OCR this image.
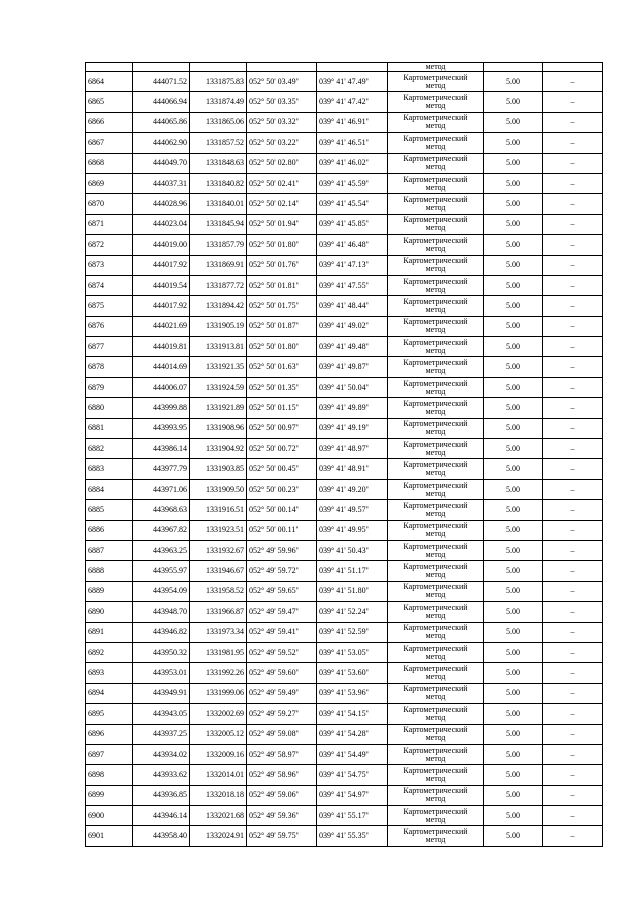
					метод		
6864	444071.52	1331875.83	052° 50' 03.49"	039° 41' 47.49"	Картометрический
метод	5.00	–
6865	444066.94	1331874.49	052° 50' 03.35"	039° 41' 47.42"	Картометрический
метод	5.00	–
6866	444065.86	1331865.06	052° 50' 03.32"	039° 41' 46.91"	Картометрический
метод	5.00	–
6867	444062.90	1331857.52	052° 50' 03.22"	039° 41' 46.51"	Картометрический
метод	5.00	–
6868	444049.70	1331848.63	052° 50' 02.80"	039° 41' 46.02"	Картометрический
метод	5.00	–
6869	444037.31	1331840.82	052° 50' 02.41"	039° 41' 45.59"	Картометрический
метод	5.00	–
6870	444028.96	1331840.01	052° 50' 02.14"	039° 41' 45.54"	Картометрический
метод	5.00	–
6871	444023.04	1331845.94	052° 50' 01.94"	039° 41' 45.85"	Картометрический
метод	5.00	–
6872	444019.00	1331857.79	052° 50' 01.80"	039° 41' 46.48"	Картометрический
метод	5.00	–
6873	444017.92	1331869.91	052° 50' 01.76"	039° 41' 47.13"	Картометрический
метод	5.00	–
6874	444019.54	1331877.72	052° 50' 01.81"	039° 41' 47.55"	Картометрический
метод	5.00	–
6875	444017.92	1331894.42	052° 50' 01.75"	039° 41' 48.44"	Картометрический
метод	5.00	–
6876	444021.69	1331905.19	052° 50' 01.87"	039° 41' 49.02"	Картометрический
метод	5.00	–
6877	444019.81	1331913.81	052° 50' 01.80"	039° 41' 49.48"	Картометрический
метод	5.00	–
6878	444014.69	1331921.35	052° 50' 01.63"	039° 41' 49.87"	Картометрический
метод	5.00	–
6879	444006.07	1331924.59	052° 50' 01.35"	039° 41' 50.04"	Картометрический
метод	5.00	–
6880	443999.88	1331921.89	052° 50' 01.15"	039° 41' 49.89"	Картометрический
метод	5.00	–
6881	443993.95	1331908.96	052° 50' 00.97"	039° 41' 49.19"	Картометрический
метод	5.00	–
6882	443986.14	1331904.92	052° 50' 00.72"	039° 41' 48.97"	Картометрический
метод	5.00	–
6883	443977.79	1331903.85	052° 50' 00.45"	039° 41' 48.91"	Картометрический
метод	5.00	–
6884	443971.06	1331909.50	052° 50' 00.23"	039° 41' 49.20"	Картометрический
метод	5.00	–
6885	443968.63	1331916.51	052° 50' 00.14"	039° 41' 49.57"	Картометрический
метод	5.00	–
6886	443967.82	1331923.51	052° 50' 00.11"	039° 41' 49.95"	Картометрический
метод	5.00	–
6887	443963.25	1331932.67	052° 49' 59.96"	039° 41' 50.43"	Картометрический
метод	5.00	–
6888	443955.97	1331946.67	052° 49' 59.72"	039° 41' 51.17"	Картометрический
метод	5.00	–
6889	443954.09	1331958.52	052° 49' 59.65"	039° 41' 51.80"	Картометрический
метод	5.00	–
6890	443948.70	1331966.87	052° 49' 59.47"	039° 41' 52.24"	Картометрический
метод	5.00	–
6891	443946.82	1331973.34	052° 49' 59.41"	039° 41' 52.59"	Картометрический
метод	5.00	–
6892	443950.32	1331981.95	052° 49' 59.52"	039° 41' 53.05"	Картометрический
метод	5.00	–
6893	443953.01	1331992.26	052° 49' 59.60"	039° 41' 53.60"	Картометрический
метод	5.00	–
6894	443949.91	1331999.06	052° 49' 59.49"	039° 41' 53.96"	Картометрический
метод	5.00	–
6895	443943.05	1332002.69	052° 49' 59.27"	039° 41' 54.15"	Картометрический
метод	5.00	–
6896	443937.25	1332005.12	052° 49' 59.08"	039° 41' 54.28"	Картометрический
метод	5.00	–
6897	443934.02	1332009.16	052° 49' 58.97"	039° 41' 54.49"	Картометрический
метод	5.00	–
6898	443933.62	1332014.01	052° 49' 58.96"	039° 41' 54.75"	Картометрический
метод	5.00	–
6899	443936.85	1332018.18	052° 49' 59.06"	039° 41' 54.97"	Картометрический
метод	5.00	–
6900	443946.14	1332021.68	052° 49' 59.36"	039° 41' 55.17"	Картометрический
метод	5.00	–
6901	443958.40	1332024.91	052° 49' 59.75"	039° 41' 55.35"	Картометрический
метод	5.00	–
